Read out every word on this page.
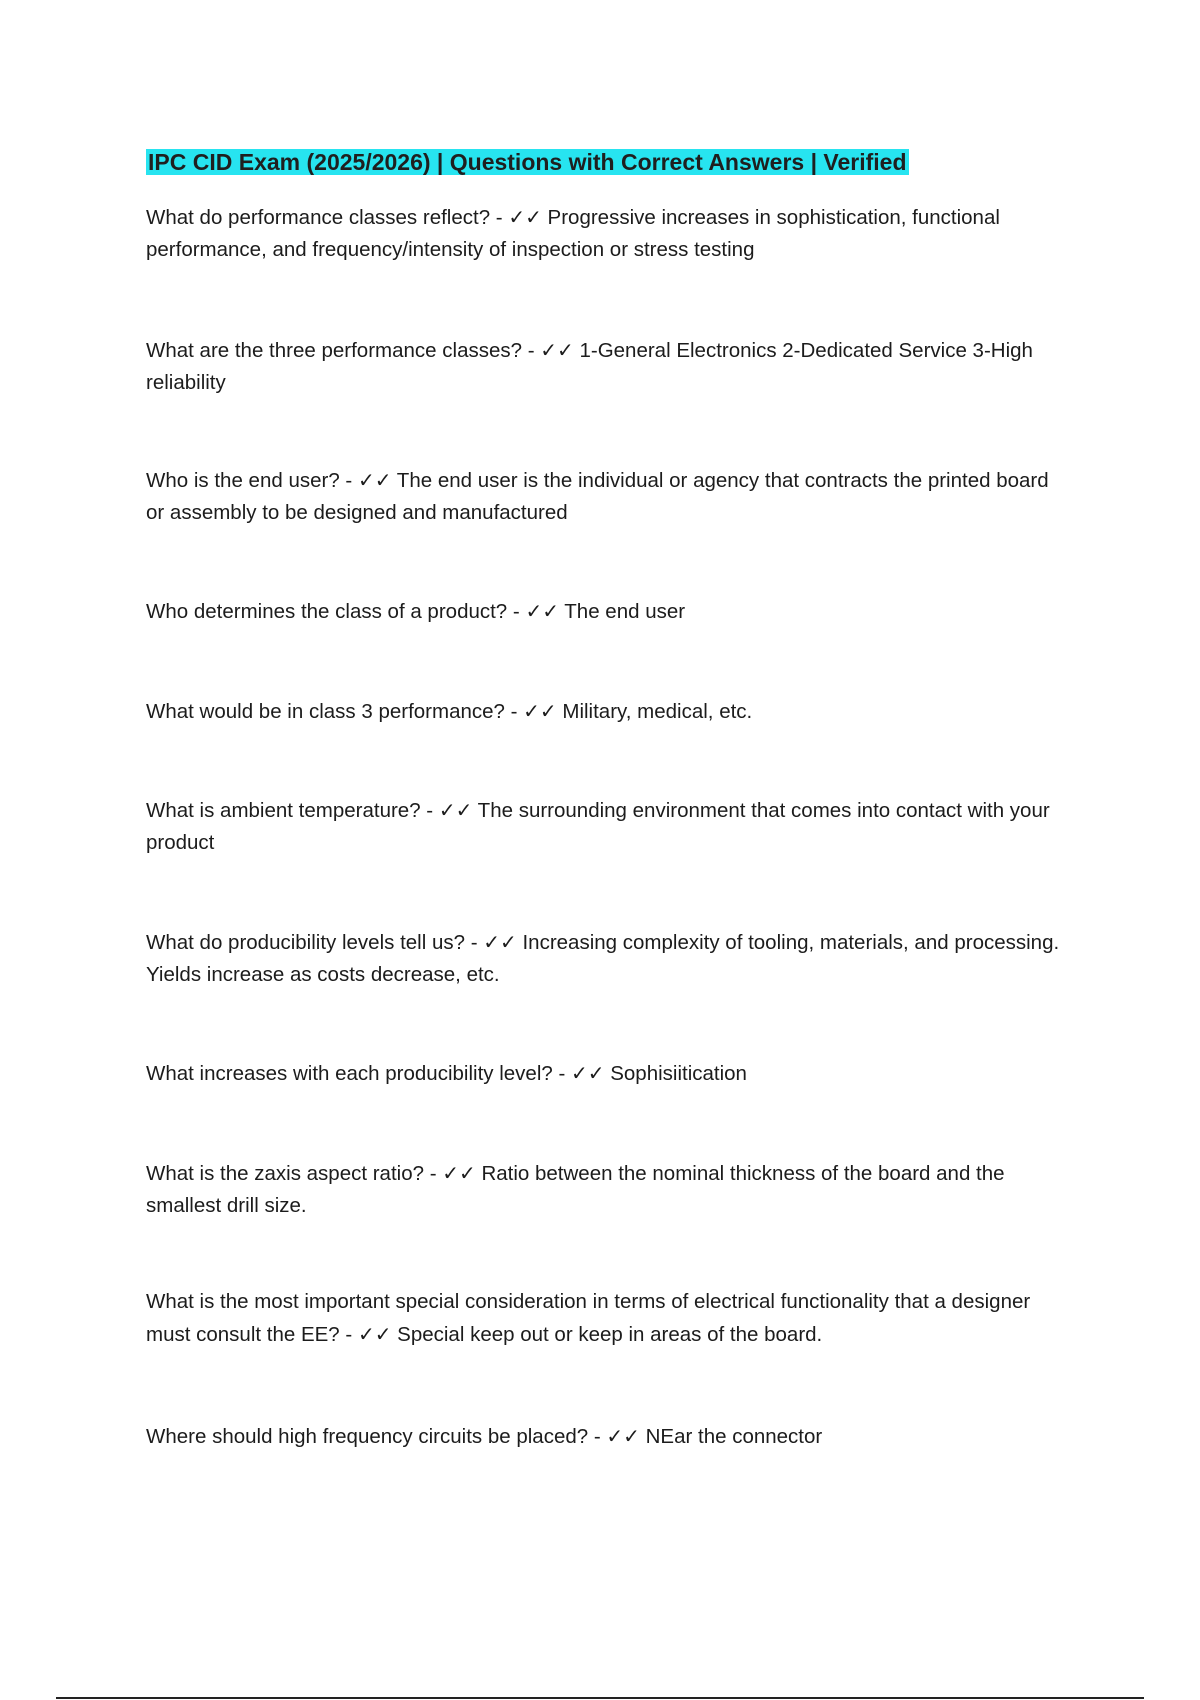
IPC CID Exam (2025/2026) | Questions with Correct Answers | Verified

What do performance classes reflect? - ✓✓ Progressive increases in sophistication, functional performance, and frequency/intensity of inspection or stress testing

What are the three performance classes? - ✓✓ 1-General Electronics 2-Dedicated Service 3-High reliability

Who is the end user? - ✓✓ The end user is the individual or agency that contracts the printed board or assembly to be designed and manufactured

Who determines the class of a product? - ✓✓ The end user

What would be in class 3 performance? - ✓✓ Military, medical, etc.

What is ambient temperature? - ✓✓ The surrounding environment that comes into contact with your product

What do producibility levels tell us? - ✓✓ Increasing complexity of tooling, materials, and processing. Yields increase as costs decrease, etc.

What increases with each producibility level? - ✓✓ Sophisiitication

What is the zaxis aspect ratio? - ✓✓ Ratio between the nominal thickness of the board and the smallest drill size.

What is the most important special consideration in terms of electrical functionality that a designer must consult the EE? - ✓✓ Special keep out or keep in areas of the board.

Where should high frequency circuits be placed? - ✓✓ NEar the connector
